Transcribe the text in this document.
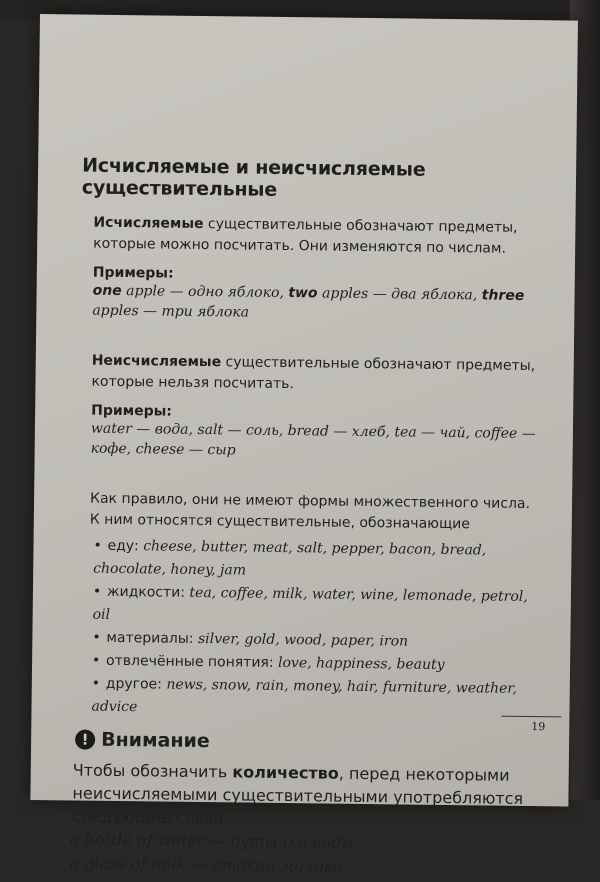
Исчисляемые и неисчисляемые существительные

Исчисляемые существительные обозначают предметы, которые можно посчитать. Они изменяются по числам.

Примеры:
one apple — одно яблоко, two apples — два яблока, three apples — три яблока

Неисчисляемые существительные обозначают предметы, которые нельзя посчитать.

Примеры:
water — вода, salt — соль, bread — хлеб, tea — чай, coffee — кофе, cheese — сыр

Как правило, они не имеют формы множественного числа. К ним относятся существительные, обозначающие

• еду: cheese, butter, meat, salt, pepper, bacon, bread, chocolate, honey, jam
• жидкости: tea, coffee, milk, water, wine, lemonade, petrol, oil
• материалы: silver, gold, wood, paper, iron
• отвлечённые понятия: love, happiness, beauty
• другое: news, snow, rain, money, hair, furniture, weather, advice
! Внимание

Чтобы обозначить количество, перед некоторыми неисчисляемыми существительными употребляются следующие слова:

a bottle of water — бутылка воды
a glass of milk — стакан молока
19
